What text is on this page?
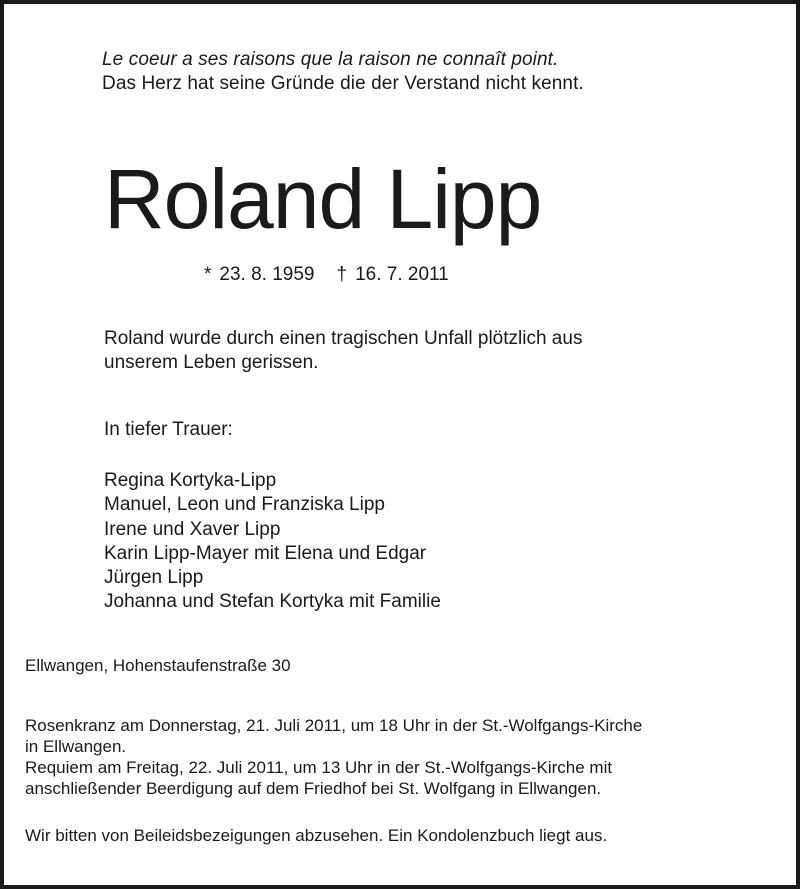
Le coeur a ses raisons que la raison ne connaît point.
Das Herz hat seine Gründe die der Verstand nicht kennt.
Roland Lipp
* 23. 8. 1959 † 16. 7. 2011
Roland wurde durch einen tragischen Unfall plötzlich aus
unserem Leben gerissen.
In tiefer Trauer:
Regina Kortyka-Lipp
Manuel, Leon und Franziska Lipp
Irene und Xaver Lipp
Karin Lipp-Mayer mit Elena und Edgar
Jürgen Lipp
Johanna und Stefan Kortyka mit Familie
Ellwangen, Hohenstaufenstraße 30
Rosenkranz am Donnerstag, 21. Juli 2011, um 18 Uhr in der St.-Wolfgangs-Kirche
in Ellwangen.
Requiem am Freitag, 22. Juli 2011, um 13 Uhr in der St.-Wolfgangs-Kirche mit
anschließender Beerdigung auf dem Friedhof bei St. Wolfgang in Ellwangen.
Wir bitten von Beileidsbezeigungen abzusehen. Ein Kondolenzbuch liegt aus.
